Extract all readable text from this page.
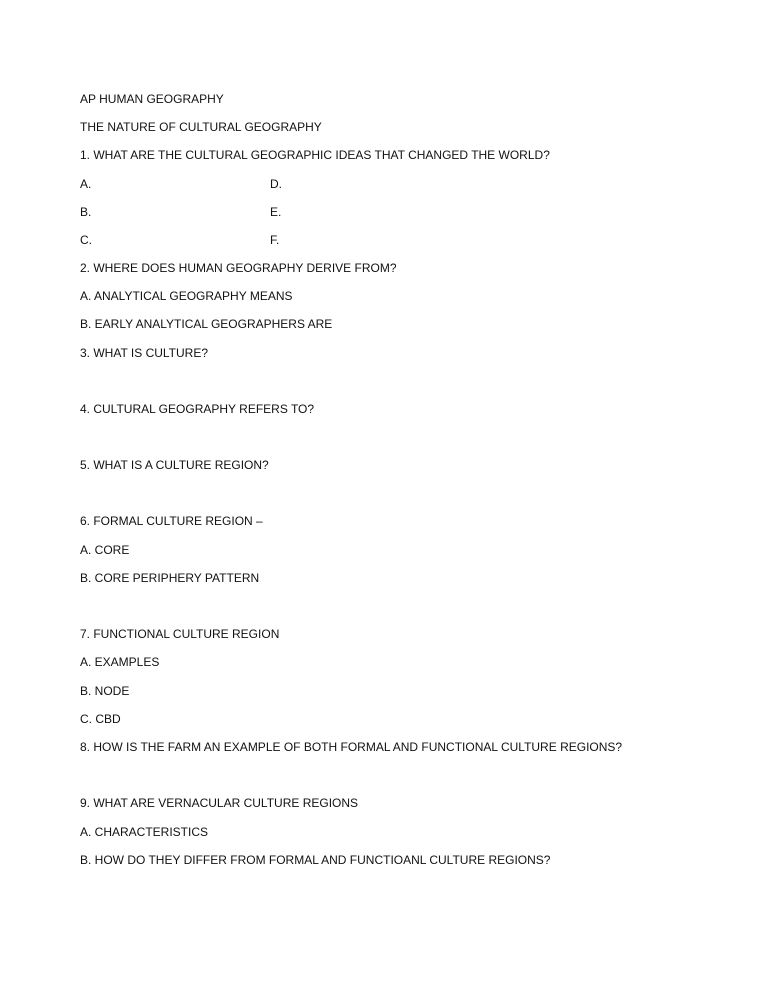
AP HUMAN GEOGRAPHY
THE NATURE OF CULTURAL GEOGRAPHY
1. WHAT ARE THE CULTURAL GEOGRAPHIC IDEAS THAT CHANGED THE WORLD?
A.	D.
B.	E.
C.	F.
2. WHERE DOES HUMAN GEOGRAPHY DERIVE FROM?
A. ANALYTICAL GEOGRAPHY MEANS
B. EARLY ANALYTICAL GEOGRAPHERS ARE
3. WHAT IS CULTURE?
4. CULTURAL GEOGRAPHY REFERS TO?
5. WHAT IS A CULTURE REGION?
6. FORMAL CULTURE REGION –
A. CORE
B. CORE PERIPHERY PATTERN
7. FUNCTIONAL CULTURE REGION
A. EXAMPLES
B. NODE
C. CBD
8. HOW IS THE FARM AN EXAMPLE OF BOTH FORMAL AND FUNCTIONAL CULTURE REGIONS?
9. WHAT ARE VERNACULAR CULTURE REGIONS
A. CHARACTERISTICS
B. HOW DO THEY DIFFER FROM FORMAL AND FUNCTIOANL CULTURE REGIONS?
